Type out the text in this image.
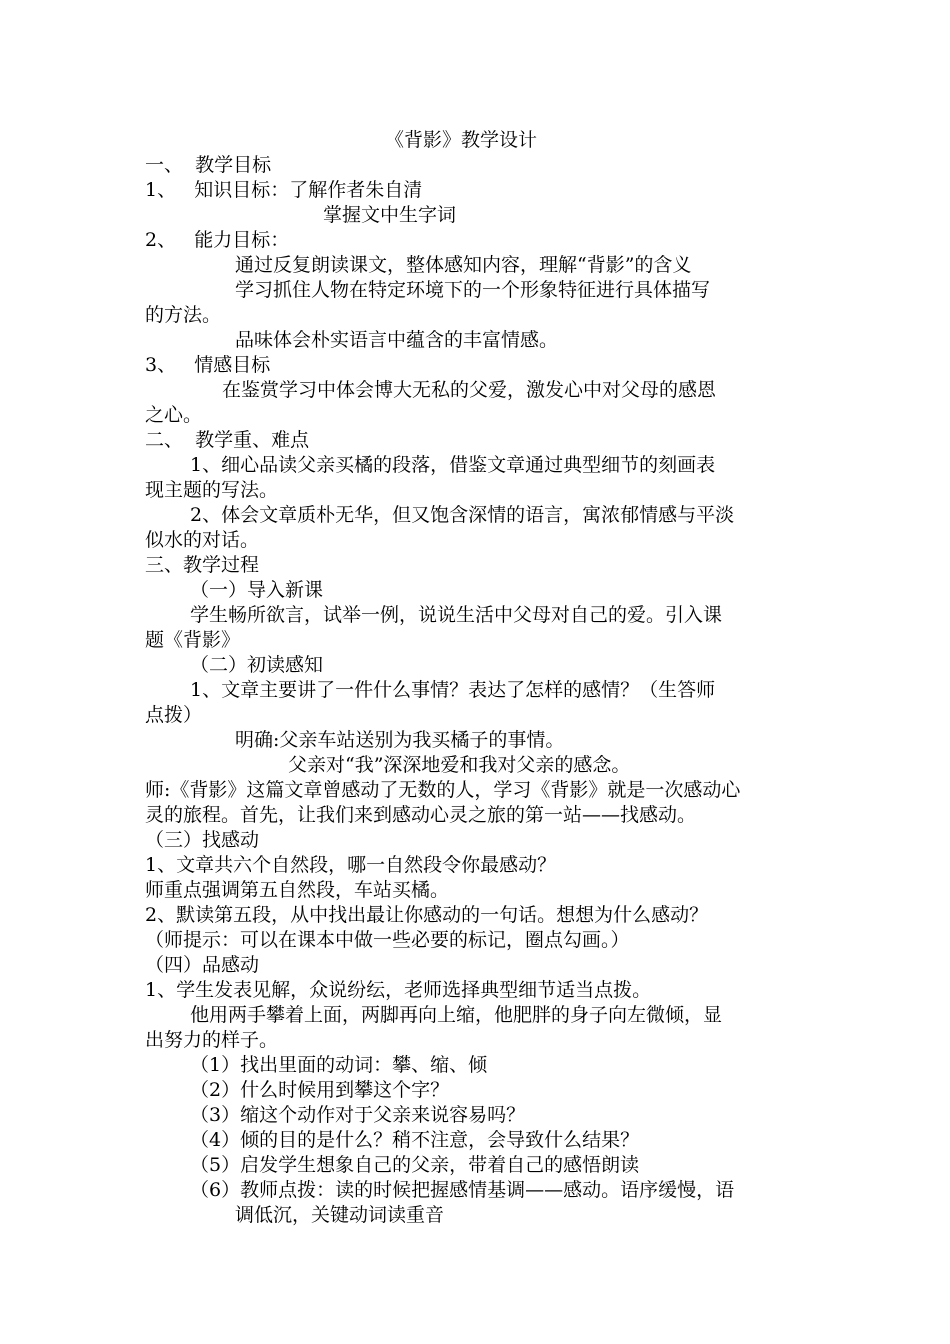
《背影》教学设计
一、  教学目标
1、   知识目标：了解作者朱自清
掌握文中生字词
2、   能力目标：
通过反复朗读课文，整体感知内容，理解“背影”的含义
学习抓住人物在特定环境下的一个形象特征进行具体描写
的方法。
品味体会朴实语言中蕴含的丰富情感。
3、   情感目标
在鉴赏学习中体会博大无私的父爱，激发心中对父母的感恩
之心。
二、  教学重、难点
1、细心品读父亲买橘的段落，借鉴文章通过典型细节的刻画表
现主题的写法。
2、体会文章质朴无华，但又饱含深情的语言，寓浓郁情感与平淡
似水的对话。
三、教学过程
（一）导入新课
学生畅所欲言，试举一例，说说生活中父母对自己的爱。引入课
题《背影》
（二）初读感知
1、文章主要讲了一件什么事情？表达了怎样的感情？（生答师
点拨）
明确:父亲车站送别为我买橘子的事情。
父亲对“我”深深地爱和我对父亲的感念。
师:《背影》这篇文章曾感动了无数的人，学习《背影》就是一次感动心
灵的旅程。首先，让我们来到感动心灵之旅的第一站——找感动。
（三）找感动
1、文章共六个自然段，哪一自然段令你最感动？
师重点强调第五自然段，车站买橘。
2、默读第五段，从中找出最让你感动的一句话。想想为什么感动？
（师提示：可以在课本中做一些必要的标记，圈点勾画。）
（四）品感动
1、学生发表见解，众说纷纭，老师选择典型细节适当点拨。
他用两手攀着上面，两脚再向上缩，他肥胖的身子向左微倾，显
出努力的样子。
（1）找出里面的动词：攀、缩、倾
（2）什么时候用到攀这个字？
（3）缩这个动作对于父亲来说容易吗？
（4）倾的目的是什么？稍不注意，会导致什么结果？
（5）启发学生想象自己的父亲，带着自己的感悟朗读
（6）教师点拨：读的时候把握感情基调——感动。语序缓慢，语
调低沉，关键动词读重音
